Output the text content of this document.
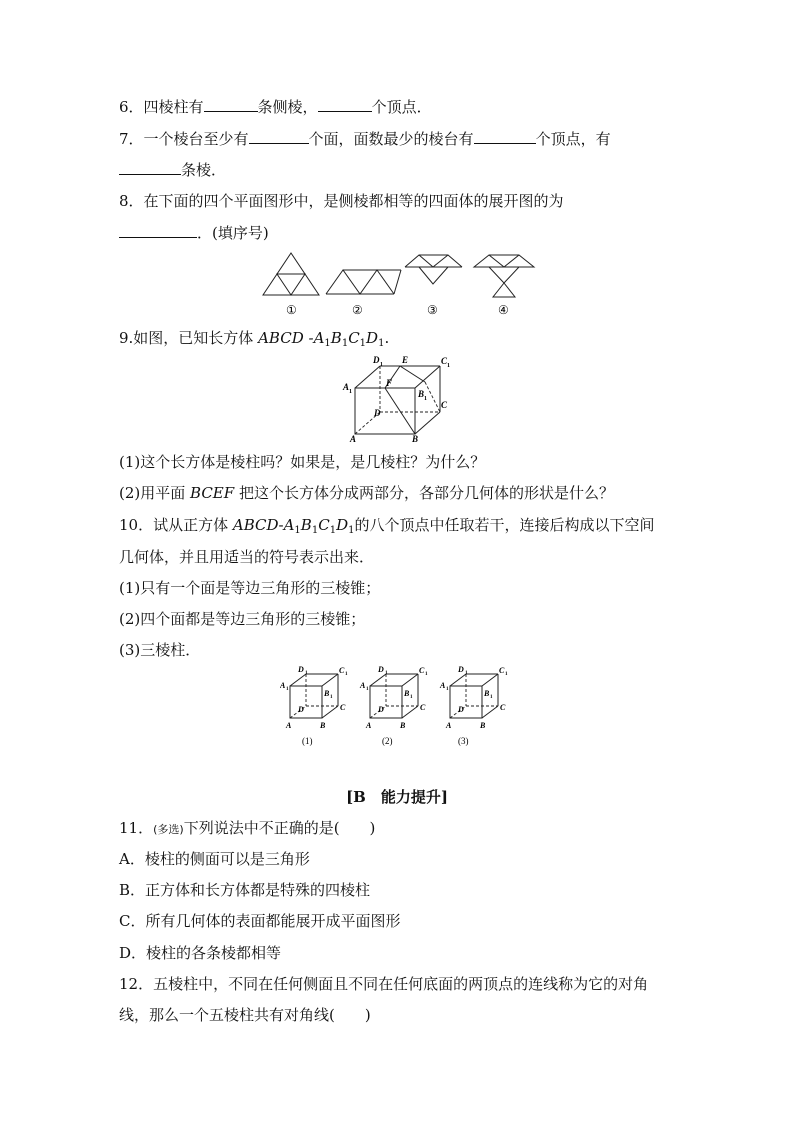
6．四棱柱有	条侧棱，	个顶点．
7．一个棱台至少有	个面，面数最少的棱台有	个顶点，有
条棱．
8．在下面的四个平面图形中，是侧棱都相等的四面体的展开图的为
．(填序号)
①	②	③	④
9.如图，已知长方体 ABCD $-A_1B_1C_1D_1$.
D 1 E	C 1
A 1
F
B 1
D
C
A	B
(1)这个长方体是棱柱吗？如果是，是几棱柱？为什么？
(2)用平面 BCEF 把这个长方体分成两部分，各部分几何体的形状是什么？
10．试从正方体 ABCD-$A_1B_1C_1D_1$的八个顶点中任取若干，连接后构成以下空间
几何体，并且用适当的符号表示出来．
(1)只有一个面是等边三角形的三棱锥；
(2)四个面都是等边三角形的三棱锥；
(3)三棱柱．
(1)	(2)	(3)
[B　能力提升]
11．(多选)下列说法中不正确的是(　　)
A．棱柱的侧面可以是三角形
B．正方体和长方体都是特殊的四棱柱
C．所有几何体的表面都能展开成平面图形
D．棱柱的各条棱都相等
12．五棱柱中，不同在任何侧面且不同在任何底面的两顶点的连线称为它的对角
线，那么一个五棱柱共有对角线(　　)
